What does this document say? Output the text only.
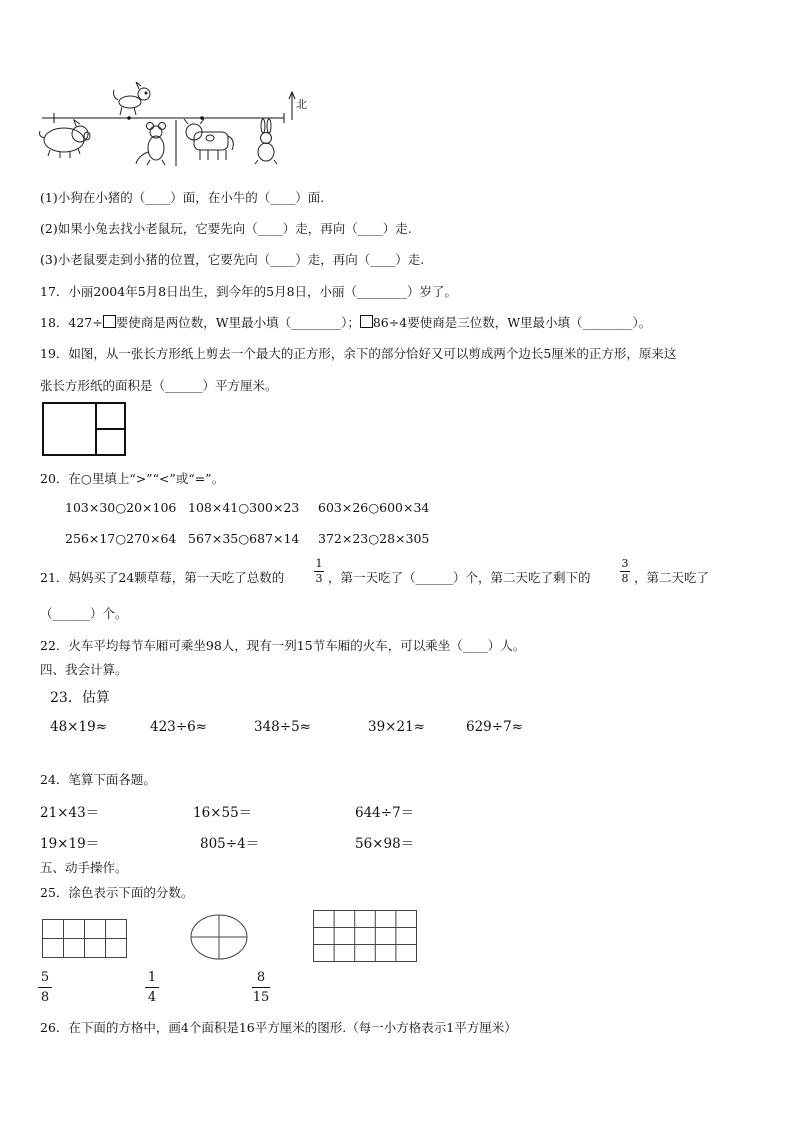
北
(1)小狗在小猪的（____）面，在小牛的（____）面.
(2)如果小兔去找小老鼠玩，它要先向（____）走，再向（____）走.
(3)小老鼠要走到小猪的位置，它要先向（____）走，再向（____）走.
17．小丽2004年5月8日出生，到今年的5月8日，小丽（________）岁了。
18．427÷ 要使商是两位数，W里最小填（________）； 86÷4要使商是三位数，W里最小填（________）。
19．如图，从一张长方形纸上剪去一个最大的正方形，余下的部分恰好又可以剪成两个边长5厘米的正方形，原来这
张长方形纸的面积是（______）平方厘米。
20．在○里填上“>”“<”或“=”。
103×30○20×106 108×41○300×23 603×26○600×34
256×17○270×64 567×35○687×14 372×23○28×305
21．妈妈买了24颗草莓，第一天吃了总数的
1
3 ，第一天吃了（______）个，第二天吃了剩下的
3
8 ，第二天吃了
（______）个。
22．火车平均每节车厢可乘坐98人，现有一列15节车厢的火车，可以乘坐（____）人。
四、我会计算。
23．估算
48×19≈	423÷6≈	348÷5≈	39×21≈	629÷7≈
24．笔算下面各题。
21×43＝	16×55＝	644÷7＝
19×19＝	805÷4＝	56×98＝
五、动手操作。
25．涂色表示下面的分数。
5
8
1
4
8
15
26．在下面的方格中，画4个面积是16平方厘米的图形.（每一小方格表示1平方厘米）
